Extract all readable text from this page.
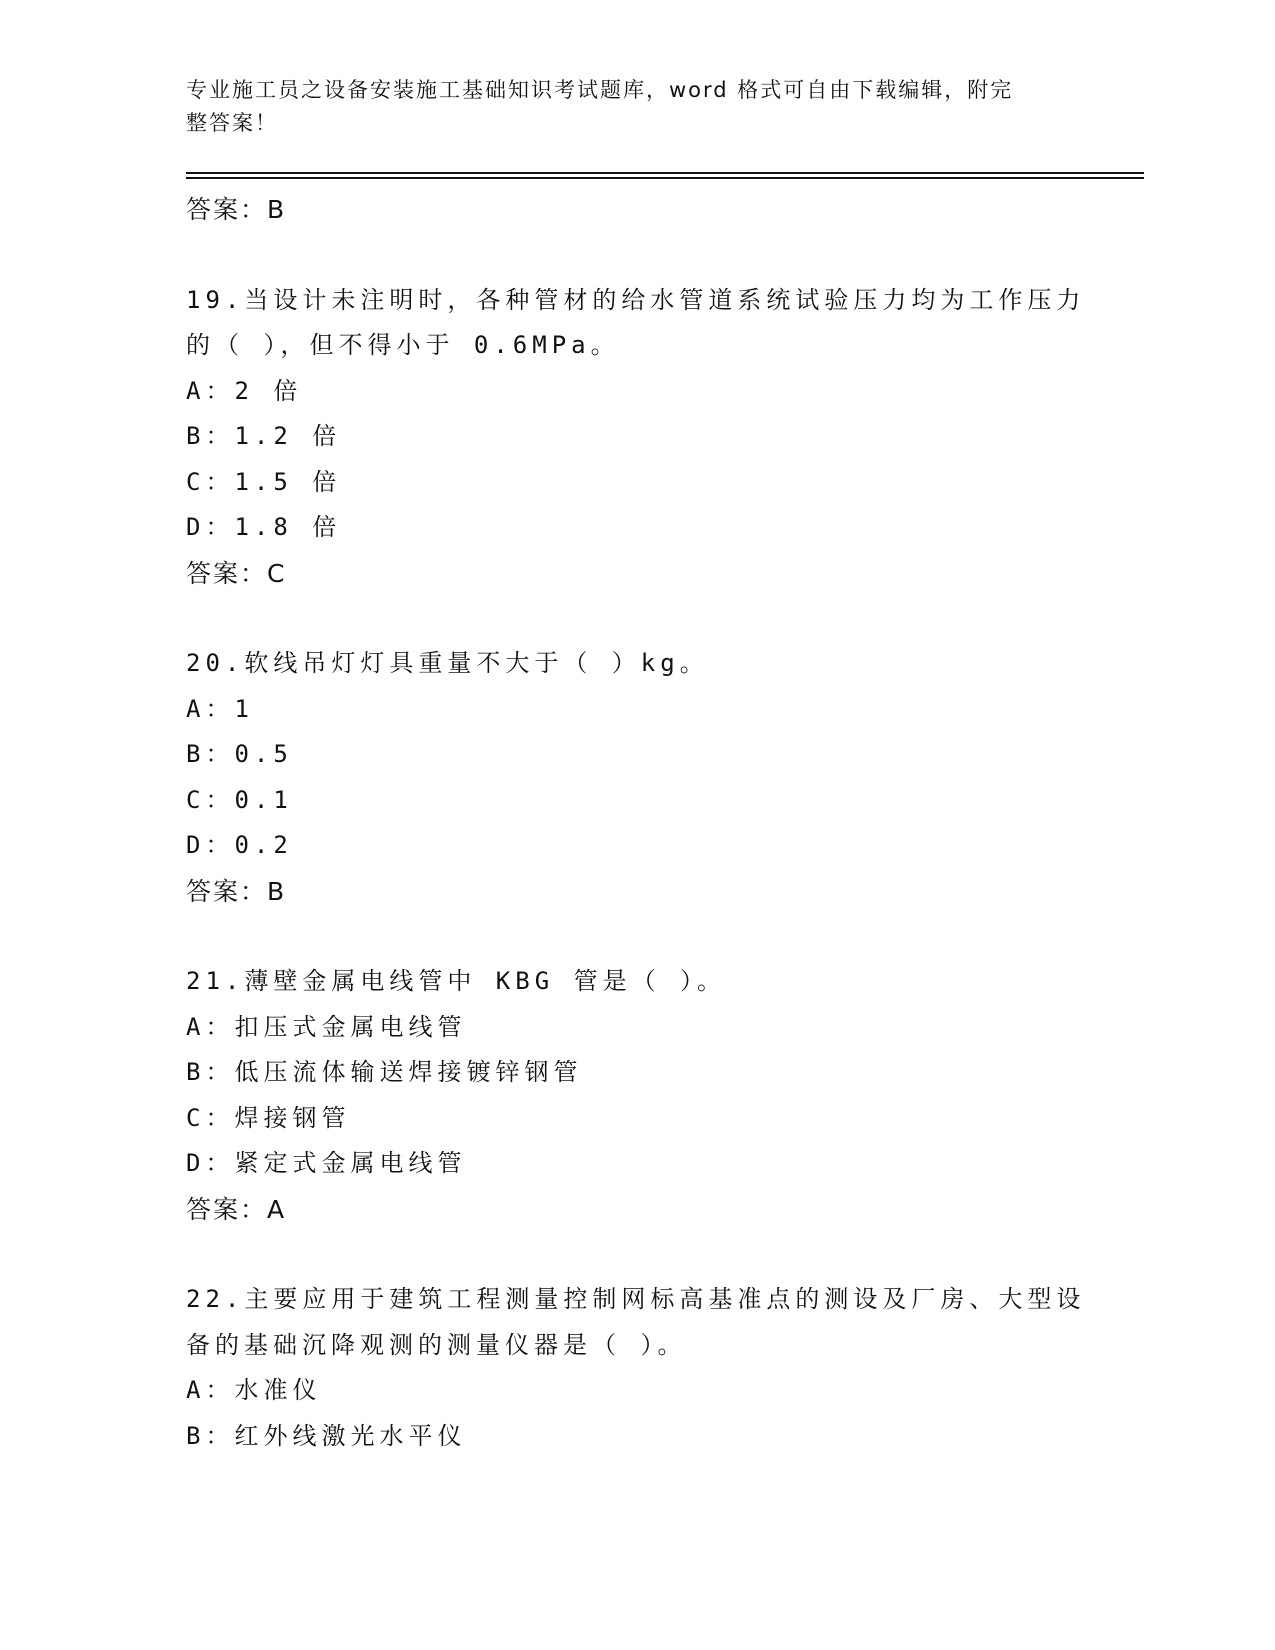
专业施工员之设备安装施工基础知识考试题库，word 格式可自由下载编辑，附完
整答案！
答案：B
19.当设计未注明时，各种管材的给水管道系统试验压力均为工作压力
的（ ），但不得小于 0.6MPa。
A：2 倍
B：1.2 倍
C：1.5 倍
D：1.8 倍
答案：C
20.软线吊灯灯具重量不大于（ ）kg。
A：1
B：0.5
C：0.1
D：0.2
答案：B
21.薄壁金属电线管中 KBG 管是（ ）。
A：扣压式金属电线管
B：低压流体输送焊接镀锌钢管
C：焊接钢管
D：紧定式金属电线管
答案：A
22.主要应用于建筑工程测量控制网标高基准点的测设及厂房、大型设
备的基础沉降观测的测量仪器是（ ）。
A：水准仪
B：红外线激光水平仪
